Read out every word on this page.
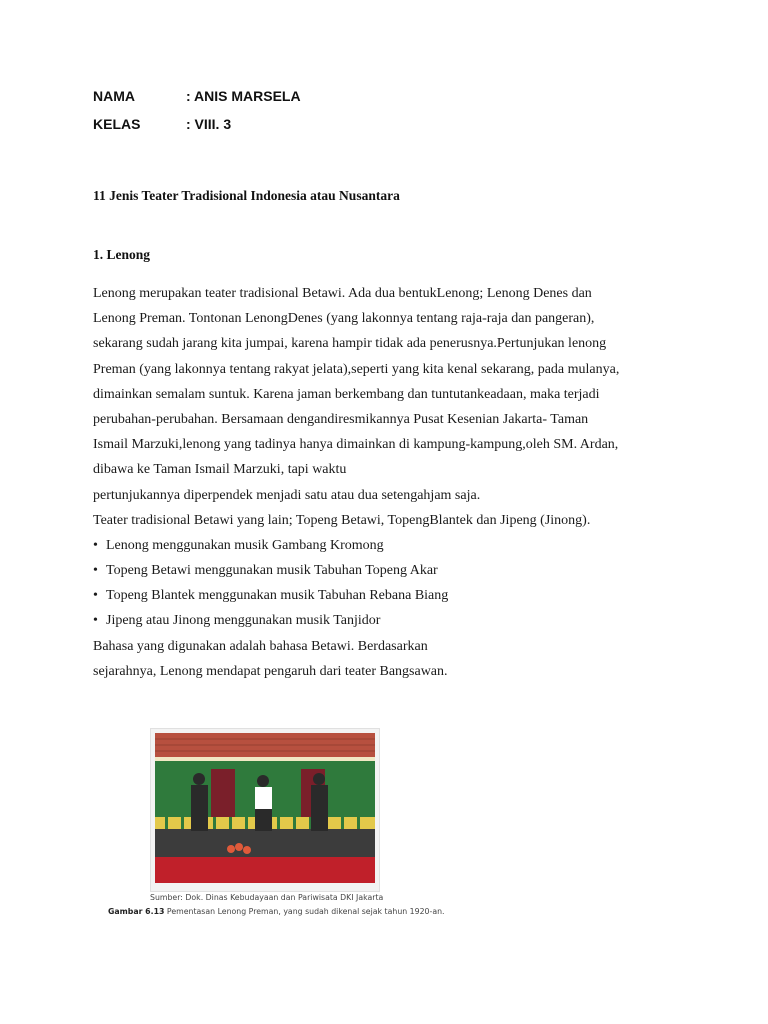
NAMA	: ANIS MARSELA
KELAS	: VIII. 3
11 Jenis Teater Tradisional Indonesia atau Nusantara
1. Lenong
Lenong merupakan teater tradisional Betawi. Ada dua bentukLenong; Lenong Denes dan
Lenong Preman. Tontonan LenongDenes (yang lakonnya tentang raja-raja dan pangeran),
sekarang sudah jarang kita jumpai, karena hampir tidak ada penerusnya.Pertunjukan lenong
Preman (yang lakonnya tentang rakyat jelata),seperti yang kita kenal sekarang, pada mulanya,
dimainkan semalam suntuk. Karena jaman berkembang dan tuntutankeadaan, maka terjadi
perubahan-perubahan. Bersamaan dengandiresmikannya Pusat Kesenian Jakarta- Taman
Ismail Marzuki,lenong yang tadinya hanya dimainkan di kampung-kampung,oleh SM. Ardan,
dibawa ke Taman Ismail Marzuki, tapi waktu
pertunjukannya diperpendek menjadi satu atau dua setengahjam saja.
Teater tradisional Betawi yang lain; Topeng Betawi, TopengBlantek dan Jipeng (Jinong).
• Lenong menggunakan musik Gambang Kromong
• Topeng Betawi menggunakan musik Tabuhan Topeng Akar
• Topeng Blantek menggunakan musik Tabuhan Rebana Biang
• Jipeng atau Jinong menggunakan musik Tanjidor
Bahasa yang digunakan adalah bahasa Betawi. Berdasarkan
sejarahnya, Lenong mendapat pengaruh dari teater Bangsawan.
Sumber: Dok. Dinas Kebudayaan dan Pariwisata DKI Jakarta
Gambar 6.13 Pementasan Lenong Preman, yang sudah dikenal sejak tahun 1920-an.
